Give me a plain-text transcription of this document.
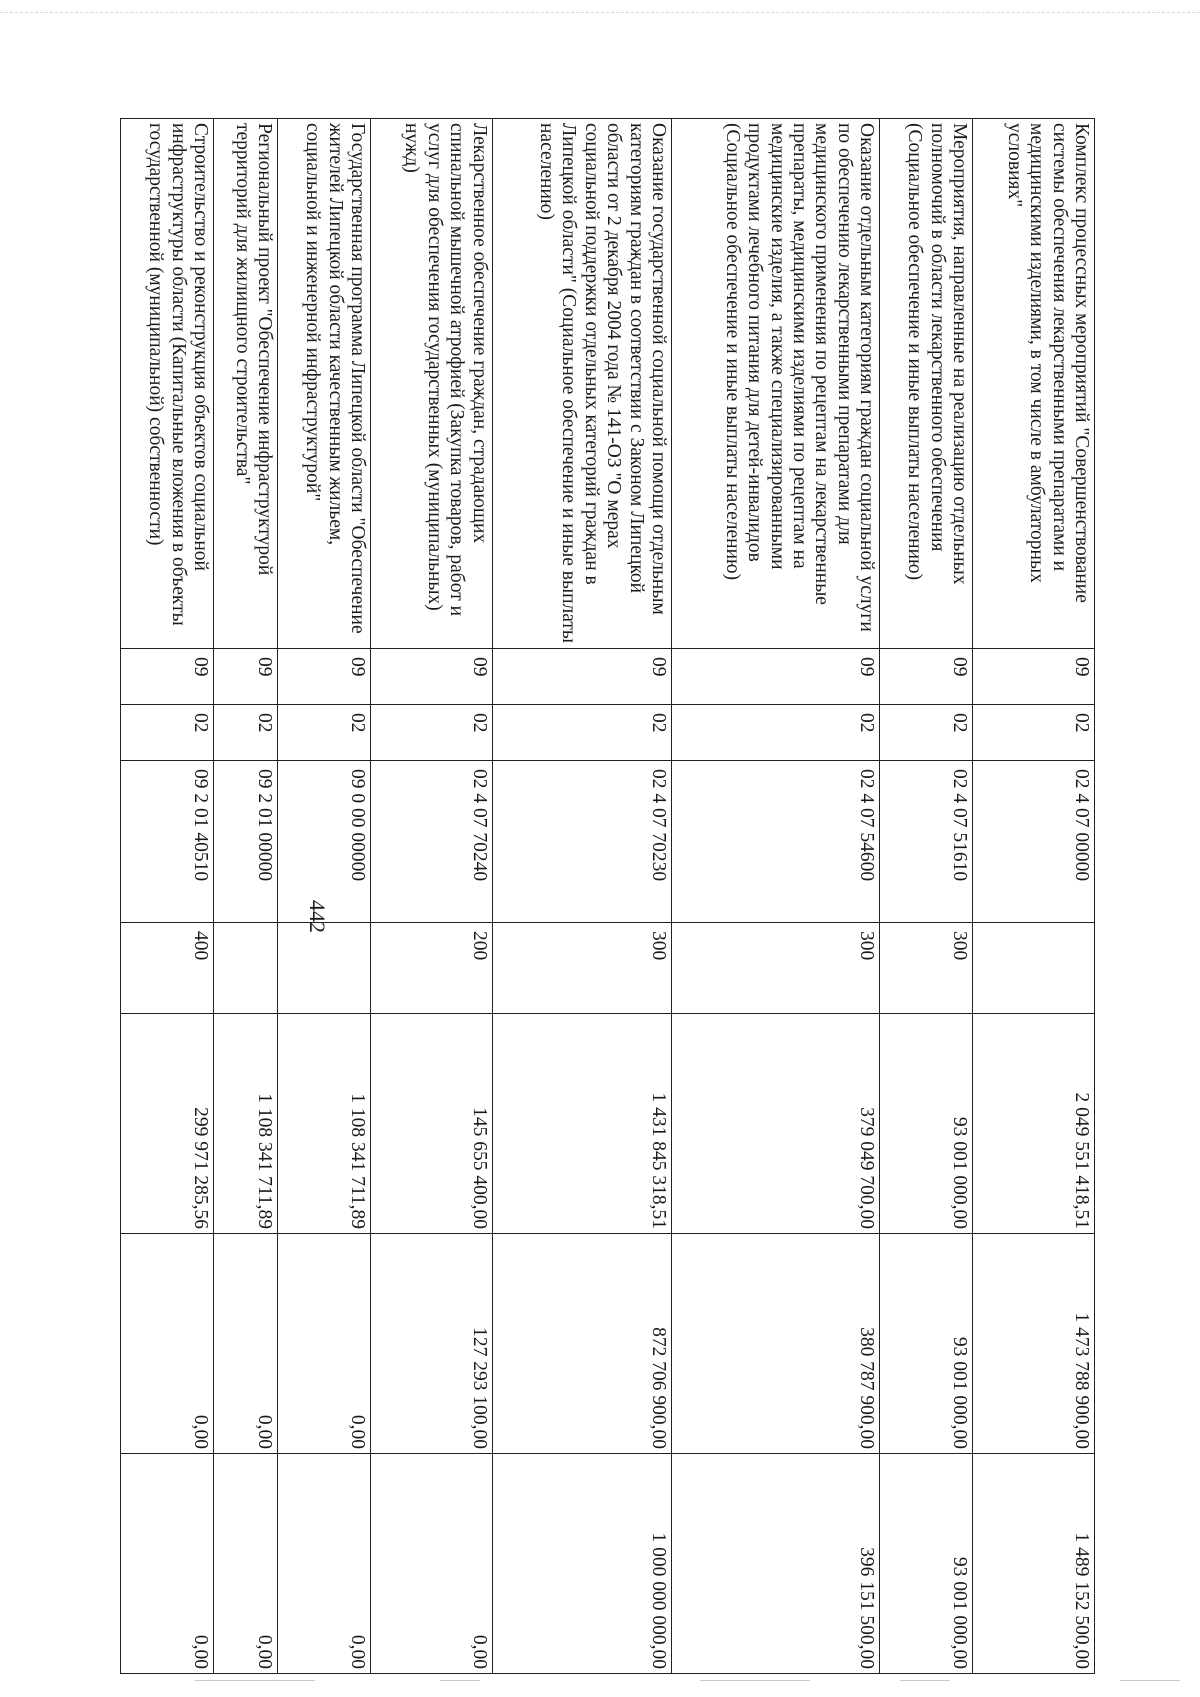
442
Комплекс процессных мероприятий "Совершенствование системы обеспечения лекарственными препаратами и медицинскими изделиями, в том числе в амбулаторных условиях"	09	02	02 4 07 00000		2 049 551 418,51	1 473 788 900,00	1 489 152 500,00
Мероприятия, направленные на реализацию отдельных полномочий в области лекарственного обеспечения (Социальное обеспечение и иные выплаты населению)	09	02	02 4 07 51610	300	93 001 000,00	93 001 000,00	93 001 000,00
Оказание отдельным категориям граждан социальной услуги по обеспечению лекарственными препаратами для медицинского применения по рецептам на лекарственные препараты, медицинскими изделиями по рецептам на медицинские изделия, а также специализированными продуктами лечебного питания для детей-инвалидов (Социальное обеспечение и иные выплаты населению)	09	02	02 4 07 54600	300	379 049 700,00	380 787 900,00	396 151 500,00
Оказание государственной социальной помощи отдельным категориям граждан в соответствии с Законом Липецкой области от 2 декабря 2004 года № 141-ОЗ "О мерах социальной поддержки отдельных категорий граждан в Липецкой области" (Социальное обеспечение и иные выплаты населению)	09	02	02 4 07 70230	300	1 431 845 318,51	872 706 900,00	1 000 000 000,00
Лекарственное обеспечение граждан, страдающих спинальной мышечной атрофией (Закупка товаров, работ и услуг для обеспечения государственных (муниципальных) нужд)	09	02	02 4 07 70240	200	145 655 400,00	127 293 100,00	0,00
Государственная программа Липецкой области "Обеспечение жителей Липецкой области качественным жильем, социальной и инженерной инфраструктурой"	09	02	09 0 00 00000		1 108 341 711,89	0,00	0,00
Региональный проект "Обеспечение инфраструктурой территорий для жилищного строительства"	09	02	09 2 01 00000		1 108 341 711,89	0,00	0,00
Строительство и реконструкция объектов социальной инфраструктуры области (Капитальные вложения в объекты государственной (муниципальной) собственности)	09	02	09 2 01 40510	400	299 971 285,56	0,00	0,00
